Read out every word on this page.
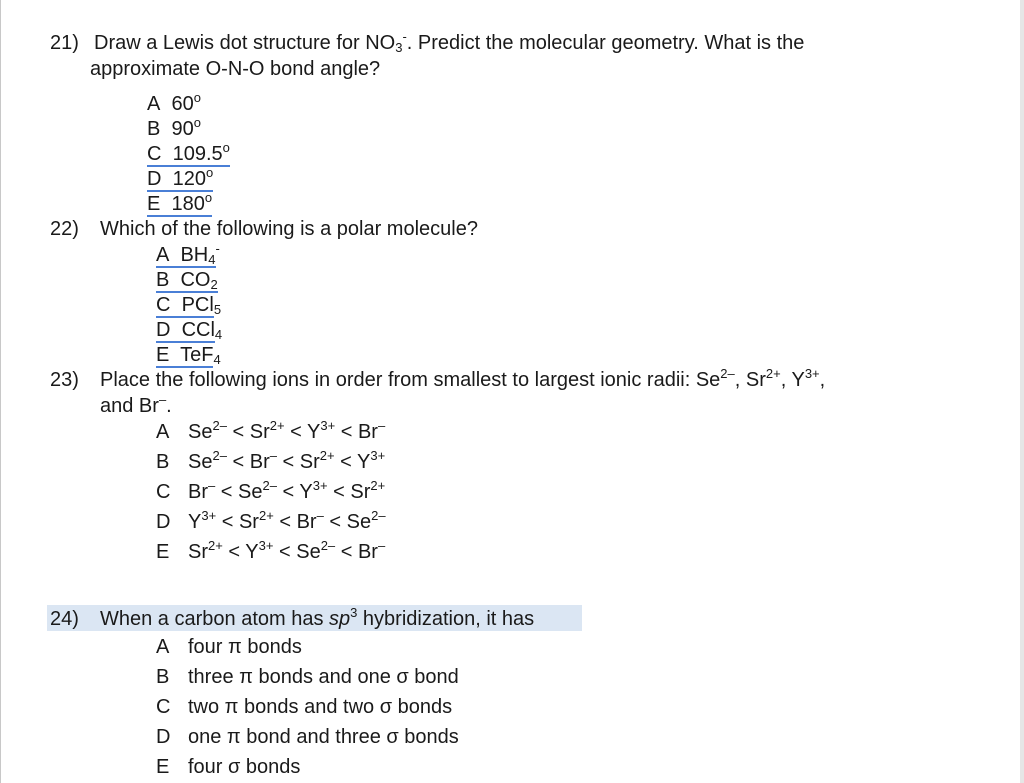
21) Draw a Lewis dot structure for $NO_3^-$. Predict the molecular geometry. What is the
approximate O-N-O bond angle?
A 60$^o$
B 90$^o$
C 109.5$^o$
D 120$^o$
E 180$^o$
22) Which of the following is a polar molecule?
A $BH_4^-$
B $CO_2$
C PCl$_5$
D CCl$_4$
E TeF$_4$
23) Place the following ions in order from smallest to largest ionic radii: $Se^{2-}$, $Sr^{2+}$, $Y^{3+}$,
and Br–.
A $Se^{2-} < Sr^{2+} < Y^{3+} < Br^-$
B $Se^{2-} < Br^- < Sr^{2+} < Y^{3+}$
C $Br^- < Se^{2-} < Y^{3+} < Sr^{2+}$
D $Y^{3+} < Sr^{2+} < Br^- < Se^{2-}$
E $Sr^{2+} < Y^{3+} < Se^{2-} < Br^-$
24) When a carbon atom has $sp^3$ hybridization, it has
A four π bonds
B three π bonds and one σ bond
C two π bonds and two σ bonds
D one π bond and three σ bonds
E four σ bonds
